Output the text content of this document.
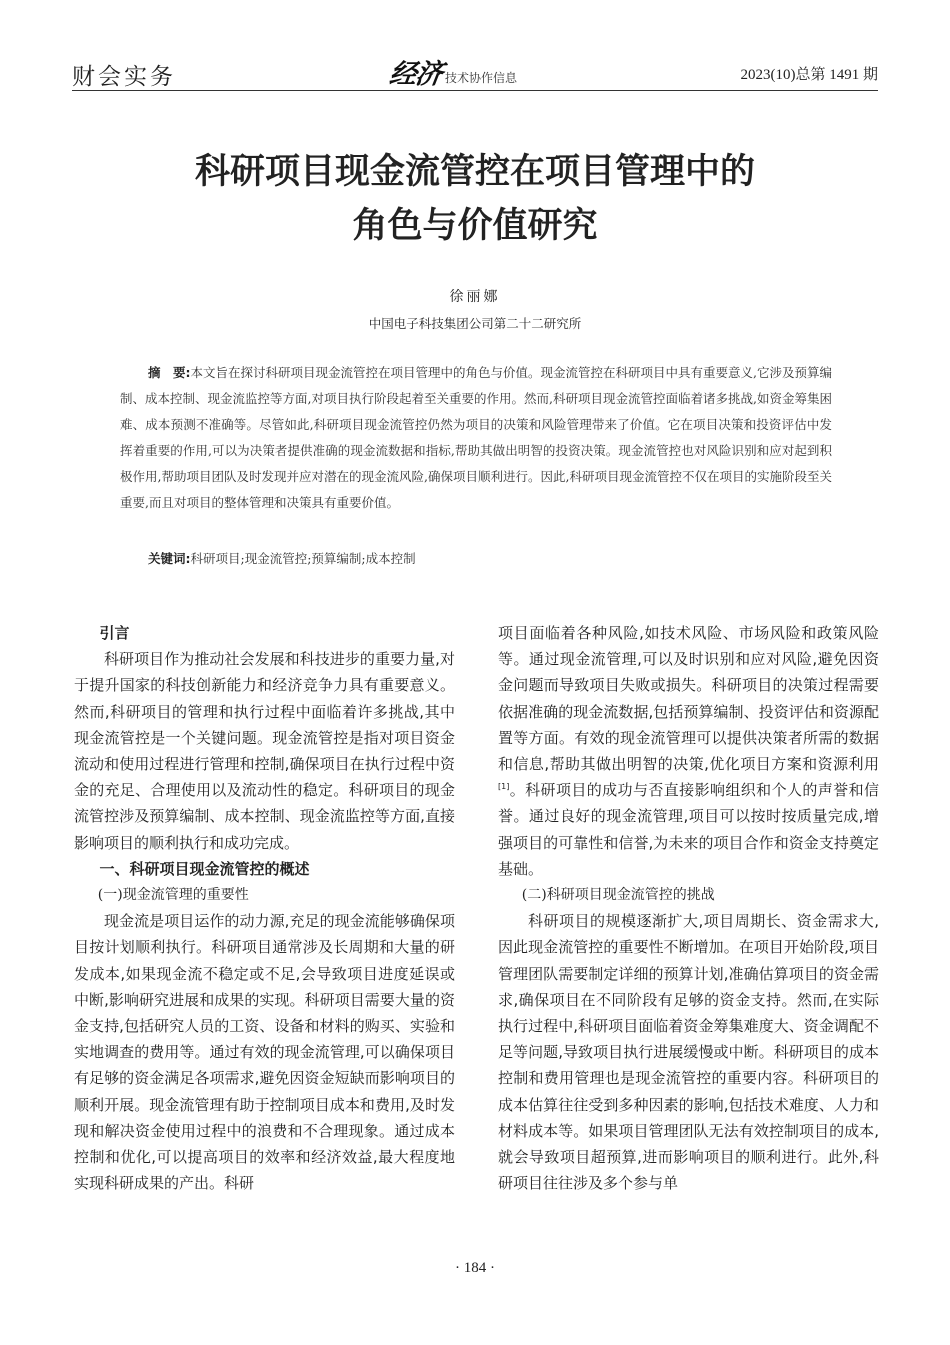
财会实务	经济 技术协作信息	2023(10)总第 1491 期
科研项目现金流管控在项目管理中的
角色与价值研究
徐丽娜
中国电子科技集团公司第二十二研究所
摘　要:本文旨在探讨科研项目现金流管控在项目管理中的角色与价值。现金流管控在科研项目中具有重要意义,它涉及预算编制、成本控制、现金流监控等方面,对项目执行阶段起着至关重要的作用。然而,科研项目现金流管控面临着诸多挑战,如资金筹集困难、成本预测不准确等。尽管如此,科研项目现金流管控仍然为项目的决策和风险管理带来了价值。它在项目决策和投资评估中发挥着重要的作用,可以为决策者提供准确的现金流数据和指标,帮助其做出明智的投资决策。现金流管控也对风险识别和应对起到积极作用,帮助项目团队及时发现并应对潜在的现金流风险,确保项目顺利进行。因此,科研项目现金流管控不仅在项目的实施阶段至关重要,而且对项目的整体管理和决策具有重要价值。
关键词:科研项目;现金流管控;预算编制;成本控制
引言

科研项目作为推动社会发展和科技进步的重要力量,对于提升国家的科技创新能力和经济竞争力具有重要意义。然而,科研项目的管理和执行过程中面临着许多挑战,其中现金流管控是一个关键问题。现金流管控是指对项目资金流动和使用过程进行管理和控制,确保项目在执行过程中资金的充足、合理使用以及流动性的稳定。科研项目的现金流管控涉及预算编制、成本控制、现金流监控等方面,直接影响项目的顺利执行和成功完成。

一、科研项目现金流管控的概述
(一)现金流管理的重要性

现金流是项目运作的动力源,充足的现金流能够确保项目按计划顺利执行。科研项目通常涉及长周期和大量的研发成本,如果现金流不稳定或不足,会导致项目进度延误或中断,影响研究进展和成果的实现。科研项目需要大量的资金支持,包括研究人员的工资、设备和材料的购买、实验和实地调查的费用等。通过有效的现金流管理,可以确保项目有足够的资金满足各项需求,避免因资金短缺而影响项目的顺利开展。现金流管理有助于控制项目成本和费用,及时发现和解决资金使用过程中的浪费和不合理现象。通过成本控制和优化,可以提高项目的效率和经济效益,最大程度地实现科研成果的产出。科研

项目面临着各种风险,如技术风险、市场风险和政策风险等。通过现金流管理,可以及时识别和应对风险,避免因资金问题而导致项目失败或损失。科研项目的决策过程需要依据准确的现金流数据,包括预算编制、投资评估和资源配置等方面。有效的现金流管理可以提供决策者所需的数据和信息,帮助其做出明智的决策,优化项目方案和资源利用[1]。科研项目的成功与否直接影响组织和个人的声誉和信誉。通过良好的现金流管理,项目可以按时按质量完成,增强项目的可靠性和信誉,为未来的项目合作和资金支持奠定基础。

(二)科研项目现金流管控的挑战

科研项目的规模逐渐扩大,项目周期长、资金需求大,因此现金流管控的重要性不断增加。在项目开始阶段,项目管理团队需要制定详细的预算计划,准确估算项目的资金需求,确保项目在不同阶段有足够的资金支持。然而,在实际执行过程中,科研项目面临着资金筹集难度大、资金调配不足等问题,导致项目执行进展缓慢或中断。科研项目的成本控制和费用管理也是现金流管控的重要内容。科研项目的成本估算往往受到多种因素的影响,包括技术难度、人力和材料成本等。如果项目管理团队无法有效控制项目的成本,就会导致项目超预算,进而影响项目的顺利进行。此外,科研项目往往涉及多个参与单

· 184 ·
